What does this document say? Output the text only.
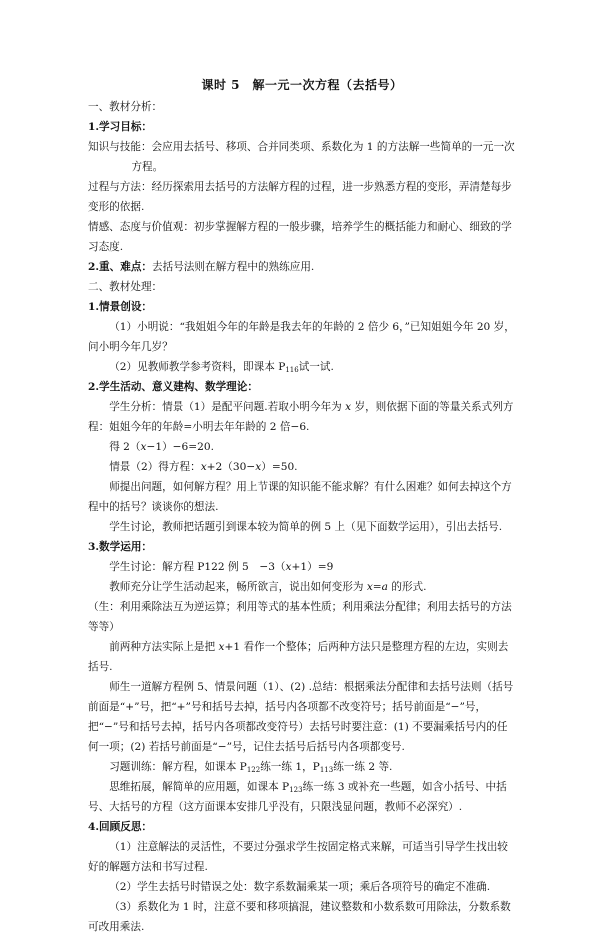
课时 5　解一元一次方程（去括号）

一、教材分析：

1.学习目标：

知识与技能：会应用去括号、移项、合并同类项、系数化为 1 的方法解一些简单的一元一次方程。

过程与方法：经历探索用去括号的方法解方程的过程，进一步熟悉方程的变形，弄清楚每步变形的依据.

情感、态度与价值观：初步掌握解方程的一般步骤，培养学生的概括能力和耐心、细致的学习态度.

2.重、难点：去括号法则在解方程中的熟练应用.

二、教材处理：

1.情景创设：

（1）小明说：“我姐姐今年的年龄是我去年的年龄的 2 倍少 6，”已知姐姐今年 20 岁，问小明今年几岁？

（2）见教师教学参考资料，即课本 $P_{116}$试一试.

2.学生活动、意义建构、数学理论：

学生分析：情景（1）是配平问题.若取小明今年为 x 岁，则依据下面的等量关系式列方程：姐姐今年的年龄=小明去年年龄的 2 倍−6.

得 2（x−1）−6=20.

情景（2）得方程：x+2（30−x）=50.

师提出问题，如何解方程？用上节课的知识能不能求解？有什么困难？如何去掉这个方程中的括号？谈谈你的想法.

学生讨论，教师把话题引到课本较为简单的例 5 上（见下面数学运用），引出去括号.

3.数学运用：

学生讨论：解方程 P122 例 5　−3（x+1）=9

教师充分让学生活动起来，畅所欲言，说出如何变形为 x=a 的形式.

（生：利用乘除法互为逆运算；利用等式的基本性质；利用乘法分配律；利用去括号的方法等等）

前两种方法实际上是把 x+1 看作一个整体；后两种方法只是整理方程的左边，实则去括号.

师生一道解方程例 5、情景问题（1）、(2) .总结：根据乘法分配律和去括号法则（括号前面是“+”号，把“+”号和括号去掉，括号内各项都不改变符号；括号前面是“−”号，把“−”号和括号去掉，括号内各项都改变符号）去括号时要注意：(1) 不要漏乘括号内的任何一项；(2) 若括号前面是“−”号，记住去括号后括号内各项都变号.

习题训练：解方程，如课本 $P_{122}$练一练 1，$P_{113}$练一练 2 等.

思维拓展，解简单的应用题，如课本 $P_{123}$练一练 3 或补充一些题，如含小括号、中括号、大括号的方程（这方面课本安排几乎没有，只限浅显问题，教师不必深究）.

4.回顾反思：

（1）注意解法的灵活性，不要过分强求学生按固定格式来解，可适当引导学生找出较好的解题方法和书写过程.

（2）学生去括号时错误之处：数字系数漏乘某一项；乘后各项符号的确定不准确.

（3）系数化为 1 时，注意不要和移项搞混，建议整数和小数系数可用除法，分数系数可改用乘法.
